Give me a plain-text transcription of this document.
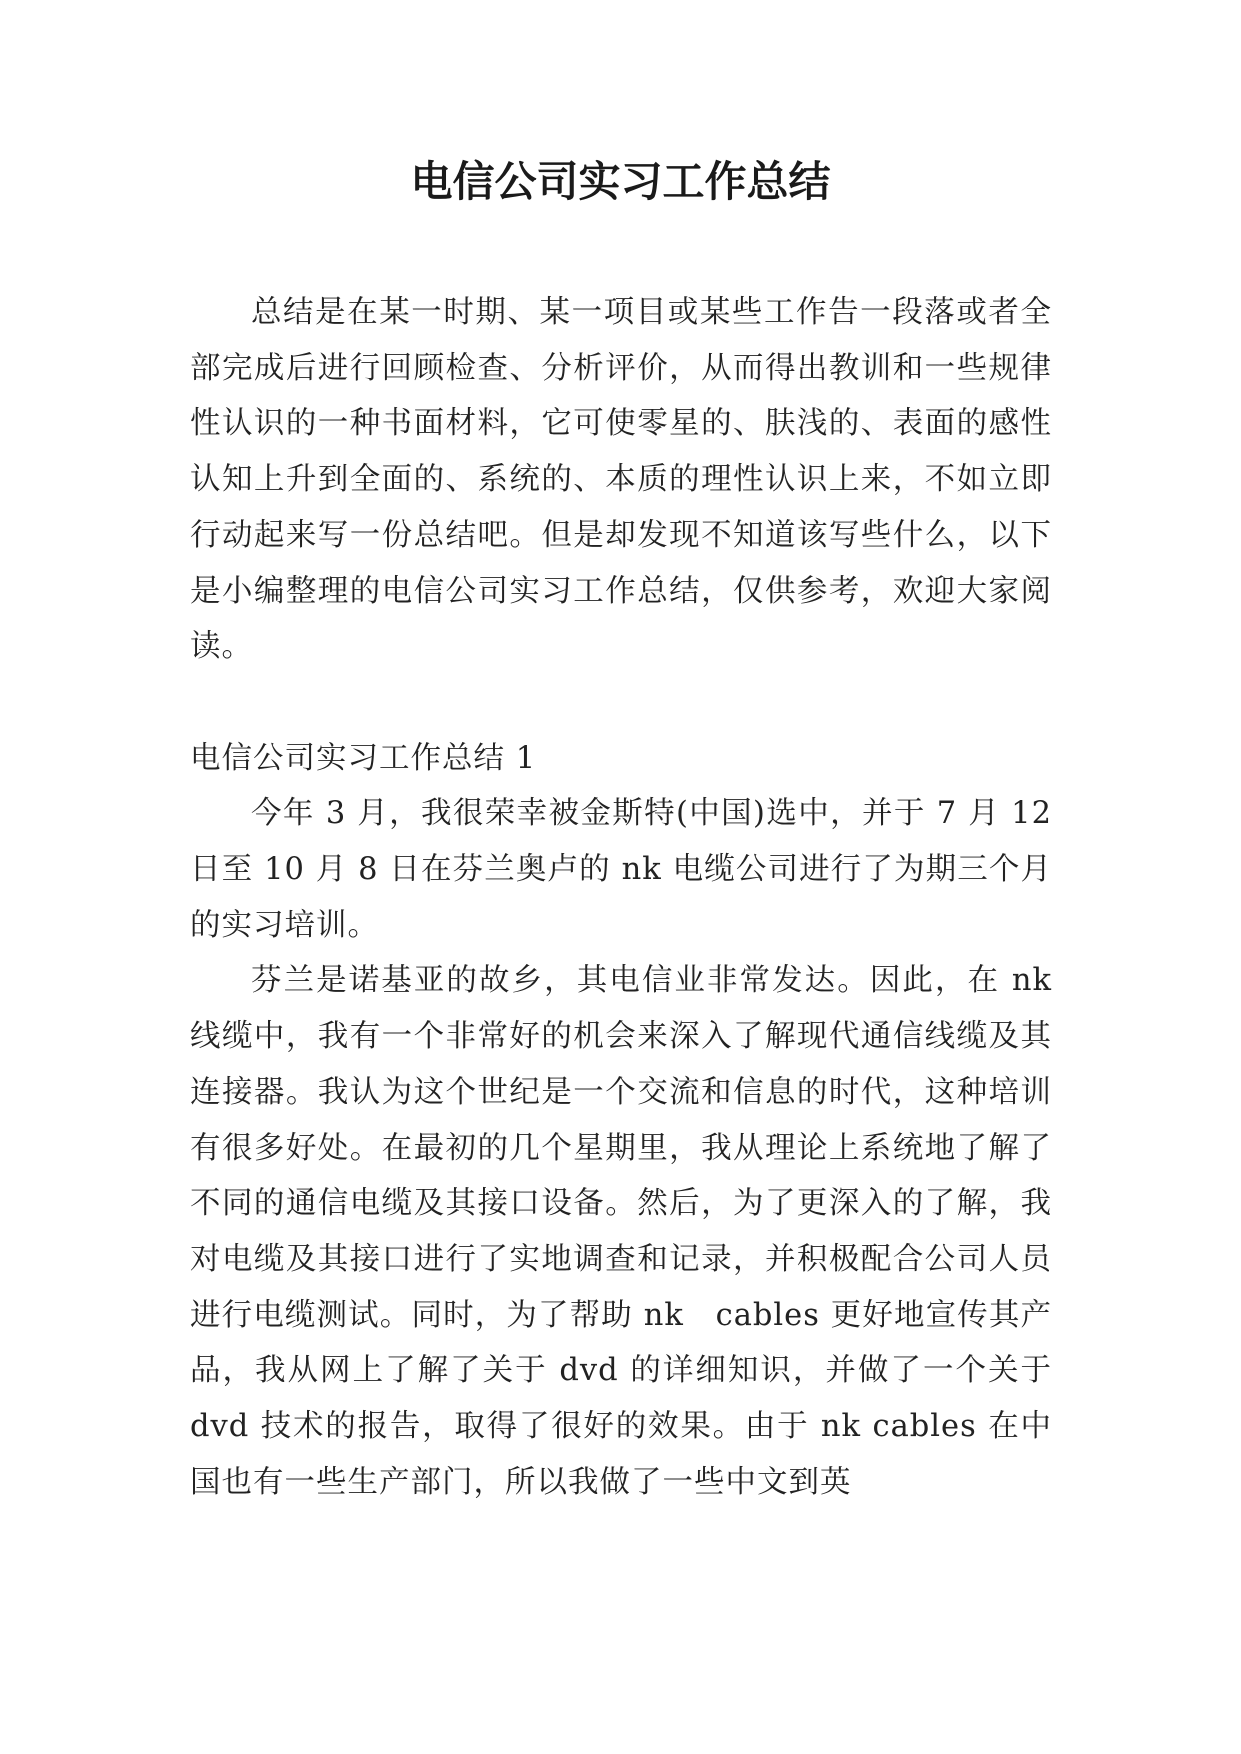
电信公司实习工作总结

总结是在某一时期、某一项目或某些工作告一段落或者全部完成后进行回顾检查、分析评价，从而得出教训和一些规律性认识的一种书面材料，它可使零星的、肤浅的、表面的感性认知上升到全面的、系统的、本质的理性认识上来，不如立即行动起来写一份总结吧。但是却发现不知道该写些什么，以下是小编整理的电信公司实习工作总结，仅供参考，欢迎大家阅读。

电信公司实习工作总结 1

今年 3 月，我很荣幸被金斯特(中国)选中，并于 7 月 12 日至 10 月 8 日在芬兰奥卢的 nk 电缆公司进行了为期三个月的实习培训。

芬兰是诺基亚的故乡，其电信业非常发达。因此，在 nk 线缆中，我有一个非常好的机会来深入了解现代通信线缆及其连接器。我认为这个世纪是一个交流和信息的时代，这种培训有很多好处。在最初的几个星期里，我从理论上系统地了解了不同的通信电缆及其接口设备。然后，为了更深入的了解，我对电缆及其接口进行了实地调查和记录，并积极配合公司人员进行电缆测试。同时，为了帮助 nk　cables 更好地宣传其产品，我从网上了解了关于 dvd 的详细知识，并做了一个关于 dvd 技术的报告，取得了很好的效果。由于 nk cables 在中国也有一些生产部门，所以我做了一些中文到英
